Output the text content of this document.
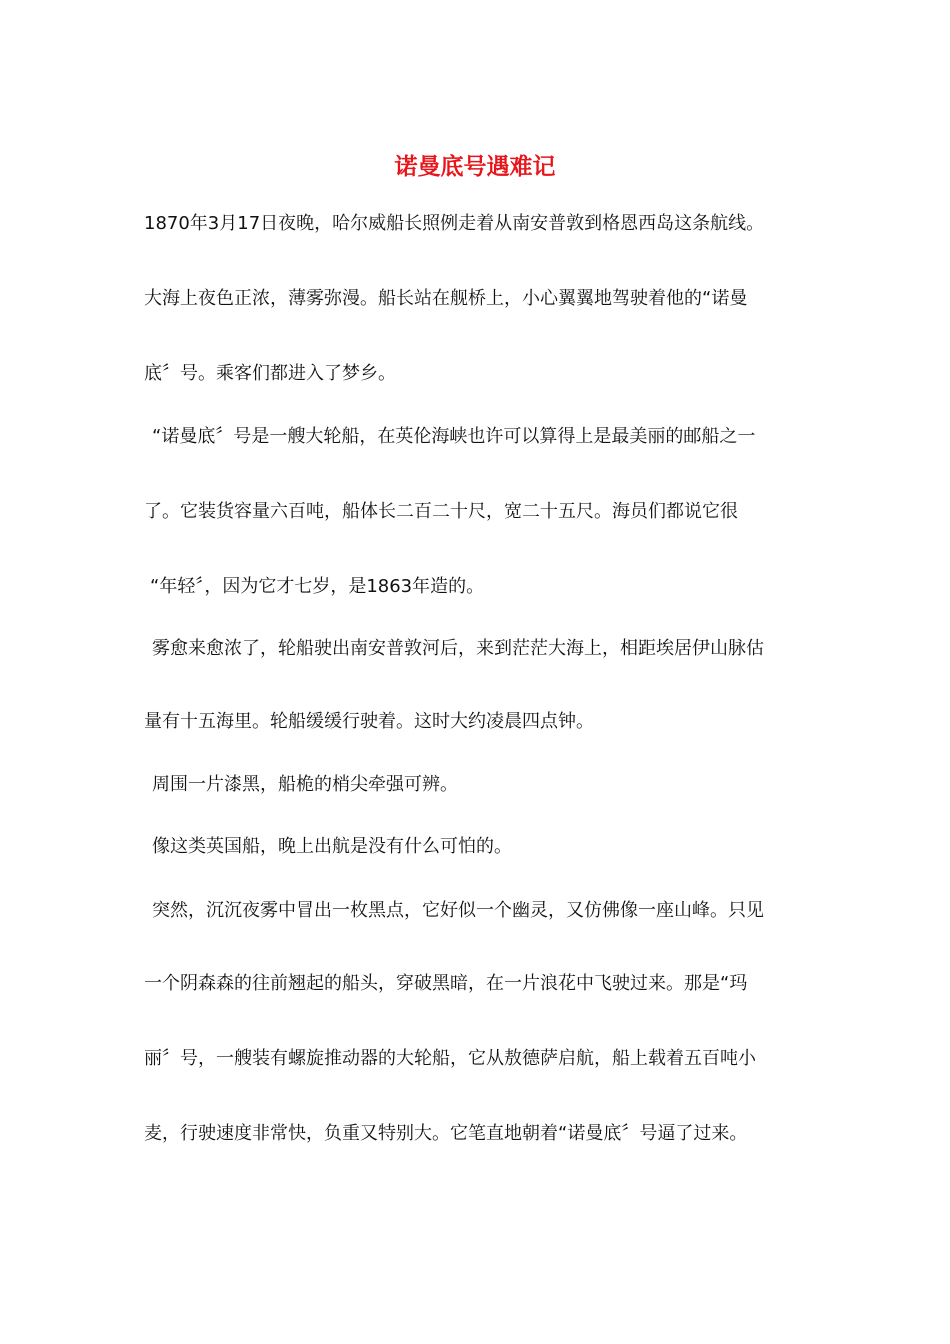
诺曼底号遇难记

1870年3月17日夜晚，哈尔威船长照例走着从南安普敦到格恩西岛这条航线。

大海上夜色正浓，薄雾弥漫。船长站在舰桥上，小心翼翼地驾驶着他的“诺曼

底〞号。乘客们都进入了梦乡。

“诺曼底〞号是一艘大轮船，在英伦海峡也许可以算得上是最美丽的邮船之一

了。它装货容量六百吨，船体长二百二十尺，宽二十五尺。海员们都说它很

“年轻〞，因为它才七岁，是1863年造的。

雾愈来愈浓了，轮船驶出南安普敦河后，来到茫茫大海上，相距埃居伊山脉估

量有十五海里。轮船缓缓行驶着。这时大约凌晨四点钟。

周围一片漆黑，船桅的梢尖牵强可辨。

像这类英国船，晚上出航是没有什么可怕的。

突然，沉沉夜雾中冒出一枚黑点，它好似一个幽灵，又仿佛像一座山峰。只见

一个阴森森的往前翘起的船头，穿破黑暗，在一片浪花中飞驶过来。那是“玛

丽〞号，一艘装有螺旋推动器的大轮船，它从敖德萨启航，船上载着五百吨小

麦，行驶速度非常快，负重又特别大。它笔直地朝着“诺曼底〞号逼了过来。
